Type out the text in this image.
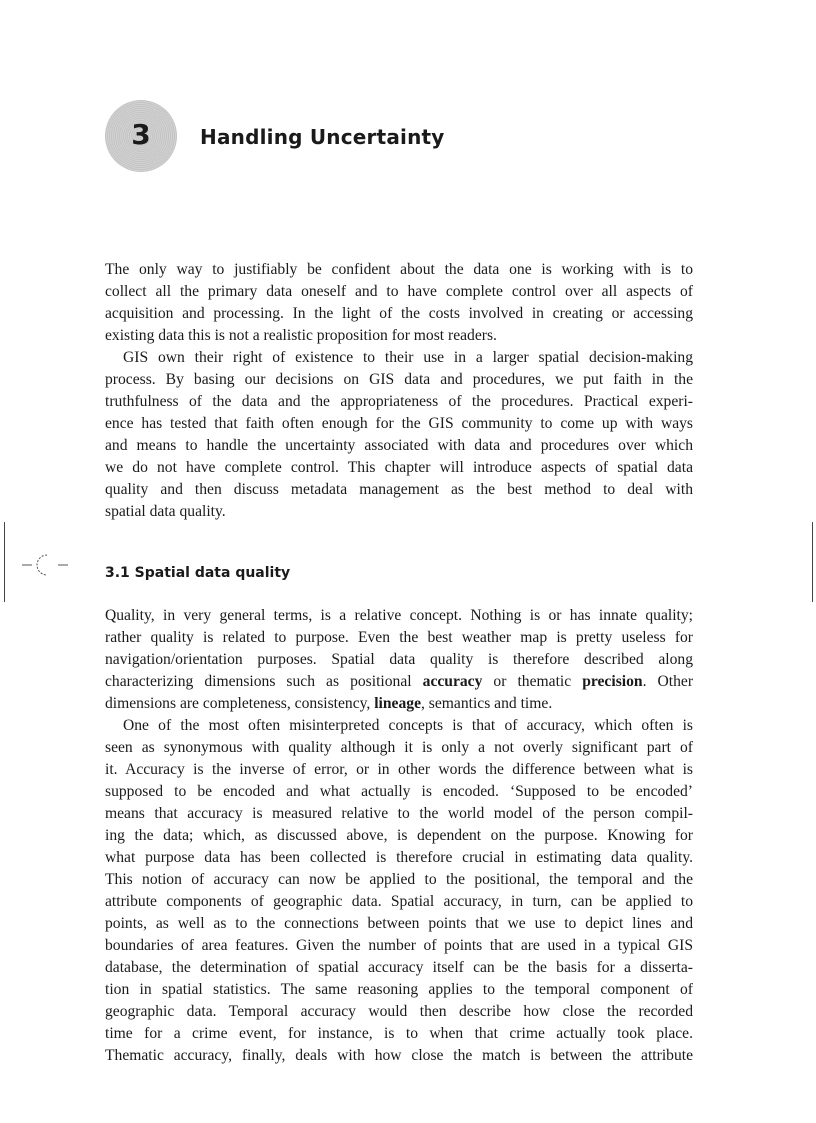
3	Handling Uncertainty
The only way to justifiably be confident about the data one is working with is to
collect all the primary data oneself and to have complete control over all aspects of
acquisition and processing. In the light of the costs involved in creating or accessing
existing data this is not a realistic proposition for most readers.
GIS own their right of existence to their use in a larger spatial decision-making
process. By basing our decisions on GIS data and procedures, we put faith in the
truthfulness of the data and the appropriateness of the procedures. Practical experi-
ence has tested that faith often enough for the GIS community to come up with ways
and means to handle the uncertainty associated with data and procedures over which
we do not have complete control. This chapter will introduce aspects of spatial data
quality and then discuss metadata management as the best method to deal with
spatial data quality.
3.1 Spatial data quality
Quality, in very general terms, is a relative concept. Nothing is or has innate quality;
rather quality is related to purpose. Even the best weather map is pretty useless for
navigation/orientation purposes. Spatial data quality is therefore described along
characterizing dimensions such as positional accuracy or thematic precision. Other
dimensions are completeness, consistency, lineage, semantics and time.
One of the most often misinterpreted concepts is that of accuracy, which often is
seen as synonymous with quality although it is only a not overly significant part of
it. Accuracy is the inverse of error, or in other words the difference between what is
supposed to be encoded and what actually is encoded. ‘Supposed to be encoded’
means that accuracy is measured relative to the world model of the person compil-
ing the data; which, as discussed above, is dependent on the purpose. Knowing for
what purpose data has been collected is therefore crucial in estimating data quality.
This notion of accuracy can now be applied to the positional, the temporal and the
attribute components of geographic data. Spatial accuracy, in turn, can be applied to
points, as well as to the connections between points that we use to depict lines and
boundaries of area features. Given the number of points that are used in a typical GIS
database, the determination of spatial accuracy itself can be the basis for a disserta-
tion in spatial statistics. The same reasoning applies to the temporal component of
geographic data. Temporal accuracy would then describe how close the recorded
time for a crime event, for instance, is to when that crime actually took place.
Thematic accuracy, finally, deals with how close the match is between the attribute
